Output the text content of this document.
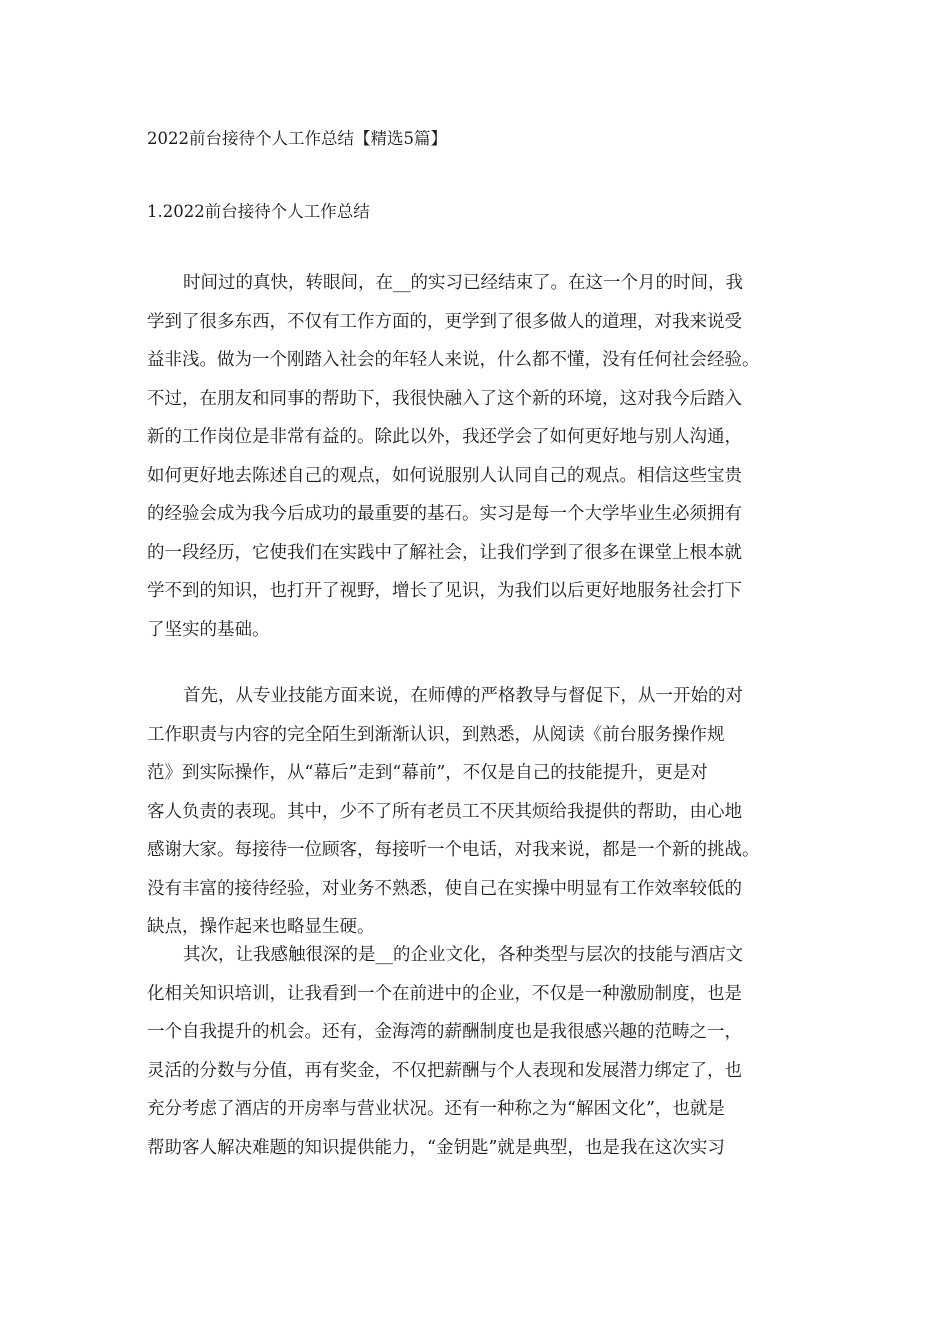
2022前台接待个人工作总结【精选5篇】
1.2022前台接待个人工作总结
时间过的真快，转眼间，在__的实习已经结束了。在这一个月的时间，我
学到了很多东西，不仅有工作方面的，更学到了很多做人的道理，对我来说受
益非浅。做为一个刚踏入社会的年轻人来说，什么都不懂，没有任何社会经验。
不过，在朋友和同事的帮助下，我很快融入了这个新的环境，这对我今后踏入
新的工作岗位是非常有益的。除此以外，我还学会了如何更好地与别人沟通，
如何更好地去陈述自己的观点，如何说服别人认同自己的观点。相信这些宝贵
的经验会成为我今后成功的最重要的基石。实习是每一个大学毕业生必须拥有
的一段经历，它使我们在实践中了解社会，让我们学到了很多在课堂上根本就
学不到的知识，也打开了视野，增长了见识，为我们以后更好地服务社会打下
了坚实的基础。
首先，从专业技能方面来说，在师傅的严格教导与督促下，从一开始的对
工作职责与内容的完全陌生到渐渐认识，到熟悉，从阅读《前台服务操作规
范》到实际操作，从“幕后”走到“幕前”，不仅是自己的技能提升，更是对
客人负责的表现。其中，少不了所有老员工不厌其烦给我提供的帮助，由心地
感谢大家。每接待一位顾客，每接听一个电话，对我来说，都是一个新的挑战。
没有丰富的接待经验，对业务不熟悉，使自己在实操中明显有工作效率较低的
缺点，操作起来也略显生硬。
其次，让我感触很深的是__的企业文化，各种类型与层次的技能与酒店文
化相关知识培训，让我看到一个在前进中的企业，不仅是一种激励制度，也是
一个自我提升的机会。还有，金海湾的薪酬制度也是我很感兴趣的范畴之一，
灵活的分数与分值，再有奖金，不仅把薪酬与个人表现和发展潜力绑定了，也
充分考虑了酒店的开房率与营业状况。还有一种称之为“解困文化”，也就是
帮助客人解决难题的知识提供能力，“金钥匙”就是典型，也是我在这次实习
